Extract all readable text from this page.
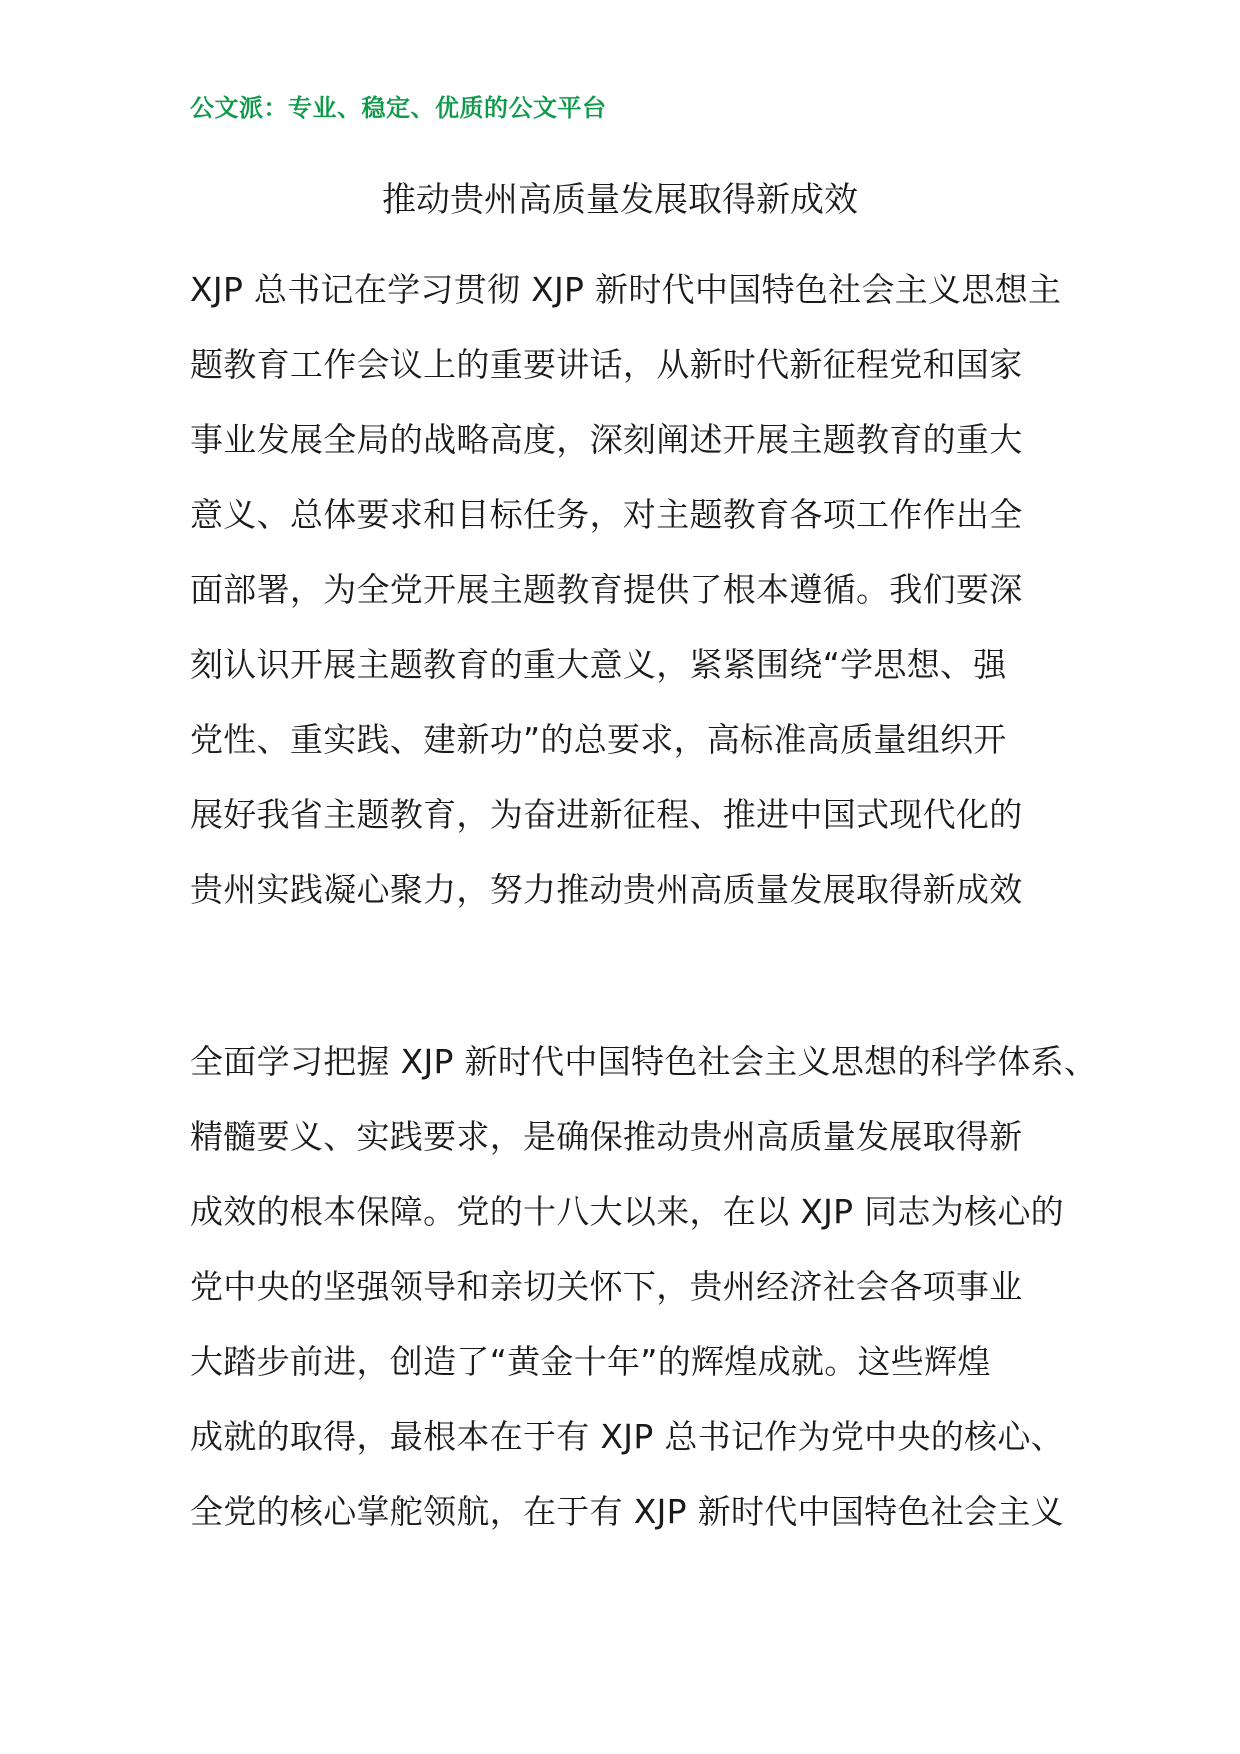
公文派：专业、稳定、优质的公文平台
推动贵州高质量发展取得新成效
XJP 总书记在学习贯彻 XJP 新时代中国特色社会主义思想主
题教育工作会议上的重要讲话，从新时代新征程党和国家
事业发展全局的战略高度，深刻阐述开展主题教育的重大
意义、总体要求和目标任务，对主题教育各项工作作出全
面部署，为全党开展主题教育提供了根本遵循。我们要深
刻认识开展主题教育的重大意义，紧紧围绕“学思想、强
党性、重实践、建新功”的总要求，高标准高质量组织开
展好我省主题教育，为奋进新征程、推进中国式现代化的
贵州实践凝心聚力，努力推动贵州高质量发展取得新成效
全面学习把握 XJP 新时代中国特色社会主义思想的科学体系、
精髓要义、实践要求，是确保推动贵州高质量发展取得新
成效的根本保障。党的十八大以来，在以 XJP 同志为核心的
党中央的坚强领导和亲切关怀下，贵州经济社会各项事业
大踏步前进，创造了“黄金十年”的辉煌成就。这些辉煌
成就的取得，最根本在于有 XJP 总书记作为党中央的核心、
全党的核心掌舵领航，在于有 XJP 新时代中国特色社会主义
